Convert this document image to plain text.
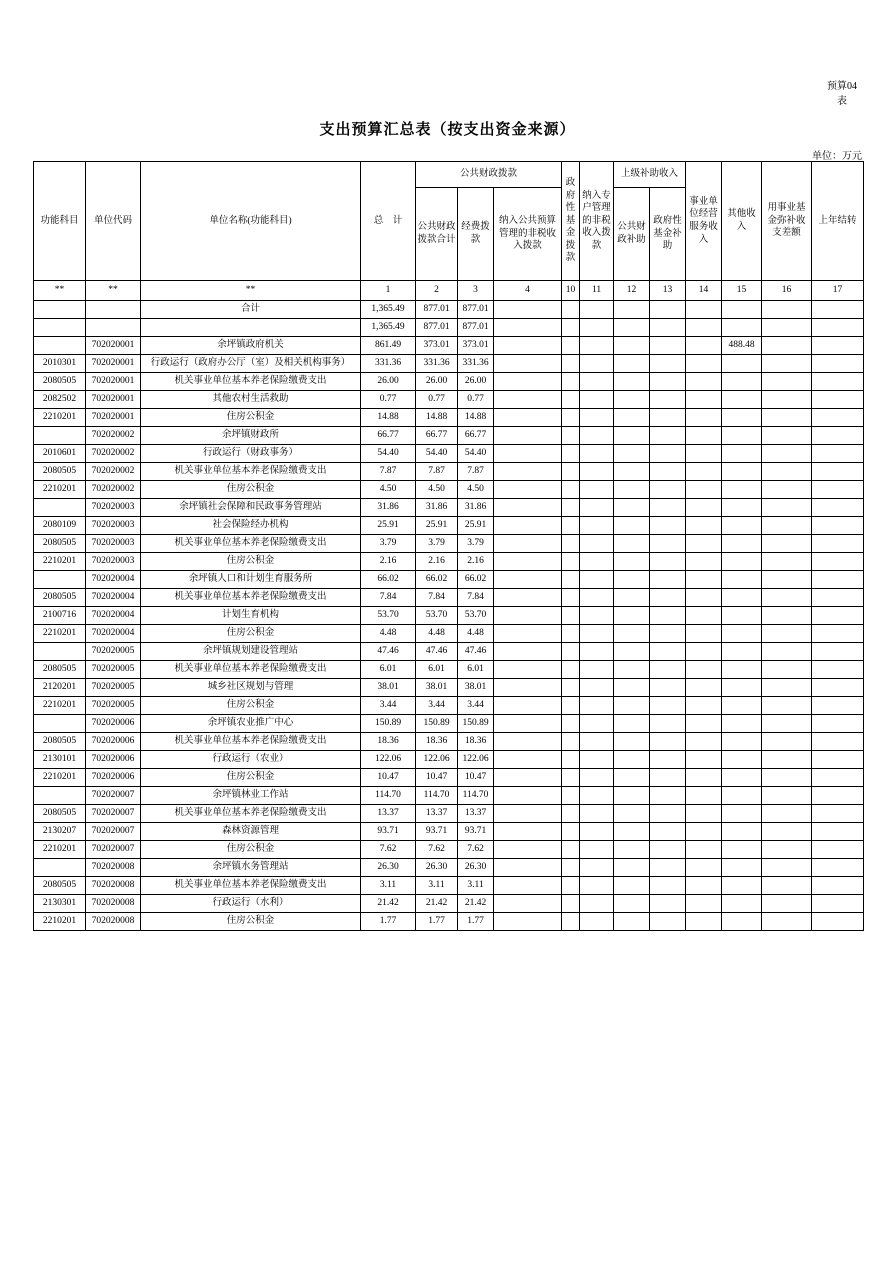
预算04
表
支出预算汇总表（按支出资金来源）
单位：万元
功能科目	单位代码	单位名称(功能科目)	总　计	公共财政拨款			政府性基金拨款	纳入专户管理的非税收入拨款	上级补助收入		事业单位经营服务收入	其他收入	用事业基金弥补收支差额	上年结转
				公共财政拨款合计	经费拨款	纳入公共预算管理的非税收入拨款			公共财政补助	政府性基金补助				
**	**	**	1	2	3	4	10	11	12	13	14	15	16	17
		合计	1,365.49	877.01	877.01									
			1,365.49	877.01	877.01									
	702020001	余坪镇政府机关	861.49	373.01	373.01							488.48		
2010301	702020001	行政运行（政府办公厅（室）及相关机构事务）	331.36	331.36	331.36									
2080505	702020001	机关事业单位基本养老保险缴费支出	26.00	26.00	26.00									
2082502	702020001	其他农村生活救助	0.77	0.77	0.77									
2210201	702020001	住房公积金	14.88	14.88	14.88									
	702020002	余坪镇财政所	66.77	66.77	66.77									
2010601	702020002	行政运行（财政事务）	54.40	54.40	54.40									
2080505	702020002	机关事业单位基本养老保险缴费支出	7.87	7.87	7.87									
2210201	702020002	住房公积金	4.50	4.50	4.50									
	702020003	余坪镇社会保障和民政事务管理站	31.86	31.86	31.86									
2080109	702020003	社会保险经办机构	25.91	25.91	25.91									
2080505	702020003	机关事业单位基本养老保险缴费支出	3.79	3.79	3.79									
2210201	702020003	住房公积金	2.16	2.16	2.16									
	702020004	余坪镇人口和计划生育服务所	66.02	66.02	66.02									
2080505	702020004	机关事业单位基本养老保险缴费支出	7.84	7.84	7.84									
2100716	702020004	计划生育机构	53.70	53.70	53.70									
2210201	702020004	住房公积金	4.48	4.48	4.48									
	702020005	余坪镇规划建设管理站	47.46	47.46	47.46									
2080505	702020005	机关事业单位基本养老保险缴费支出	6.01	6.01	6.01									
2120201	702020005	城乡社区规划与管理	38.01	38.01	38.01									
2210201	702020005	住房公积金	3.44	3.44	3.44									
	702020006	余坪镇农业推广中心	150.89	150.89	150.89									
2080505	702020006	机关事业单位基本养老保险缴费支出	18.36	18.36	18.36									
2130101	702020006	行政运行（农业）	122.06	122.06	122.06									
2210201	702020006	住房公积金	10.47	10.47	10.47									
	702020007	余坪镇林业工作站	114.70	114.70	114.70									
2080505	702020007	机关事业单位基本养老保险缴费支出	13.37	13.37	13.37									
2130207	702020007	森林资源管理	93.71	93.71	93.71									
2210201	702020007	住房公积金	7.62	7.62	7.62									
	702020008	余坪镇水务管理站	26.30	26.30	26.30									
2080505	702020008	机关事业单位基本养老保险缴费支出	3.11	3.11	3.11									
2130301	702020008	行政运行（水利）	21.42	21.42	21.42									
2210201	702020008	住房公积金	1.77	1.77	1.77									
